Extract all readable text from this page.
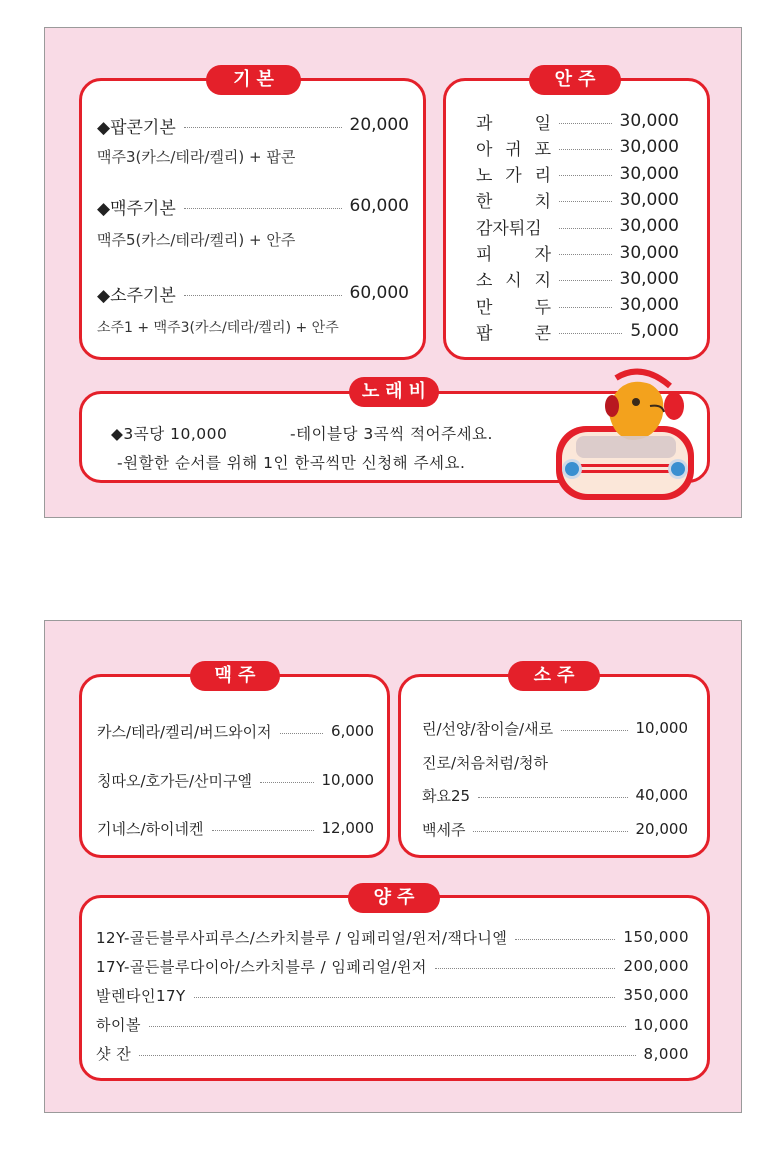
기본
◆팝콘기본	20,000
맥주3(카스/테라/켈리) + 팝콘
◆맥주기본	60,000
맥주5(카스/테라/켈리) + 안주
◆소주기본	60,000
소주1 + 맥주3(카스/테라/켈리) + 안주
안주
과 일	30,000
아 귀 포	30,000
노 가 리	30,000
한 치	30,000
감자튀김	30,000
피 자	30,000
소 시 지	30,000
만 두	30,000
팝 콘	5,000
노래비
◆3곡당 10,000	-테이블당 3곡씩 적어주세요.
-원할한 순서를 위해 1인 한곡씩만 신청해 주세요.
맥주
카스/테라/켈리/버드와이저	6,000
칭따오/호가든/산미구엘	10,000
기네스/하이네켄	12,000
소주
린/선양/참이슬/새로	10,000
진로/처음처럼/청하
화요25	40,000
백세주	20,000
양주
12Y-골든블루사피루스/스카치블루 / 임페리얼/윈저/잭다니엘	150,000
17Y-골든블루다이아/스카치블루 / 임페리얼/윈저	200,000
발렌타인17Y	350,000
하이볼	10,000
샷 잔	8,000
